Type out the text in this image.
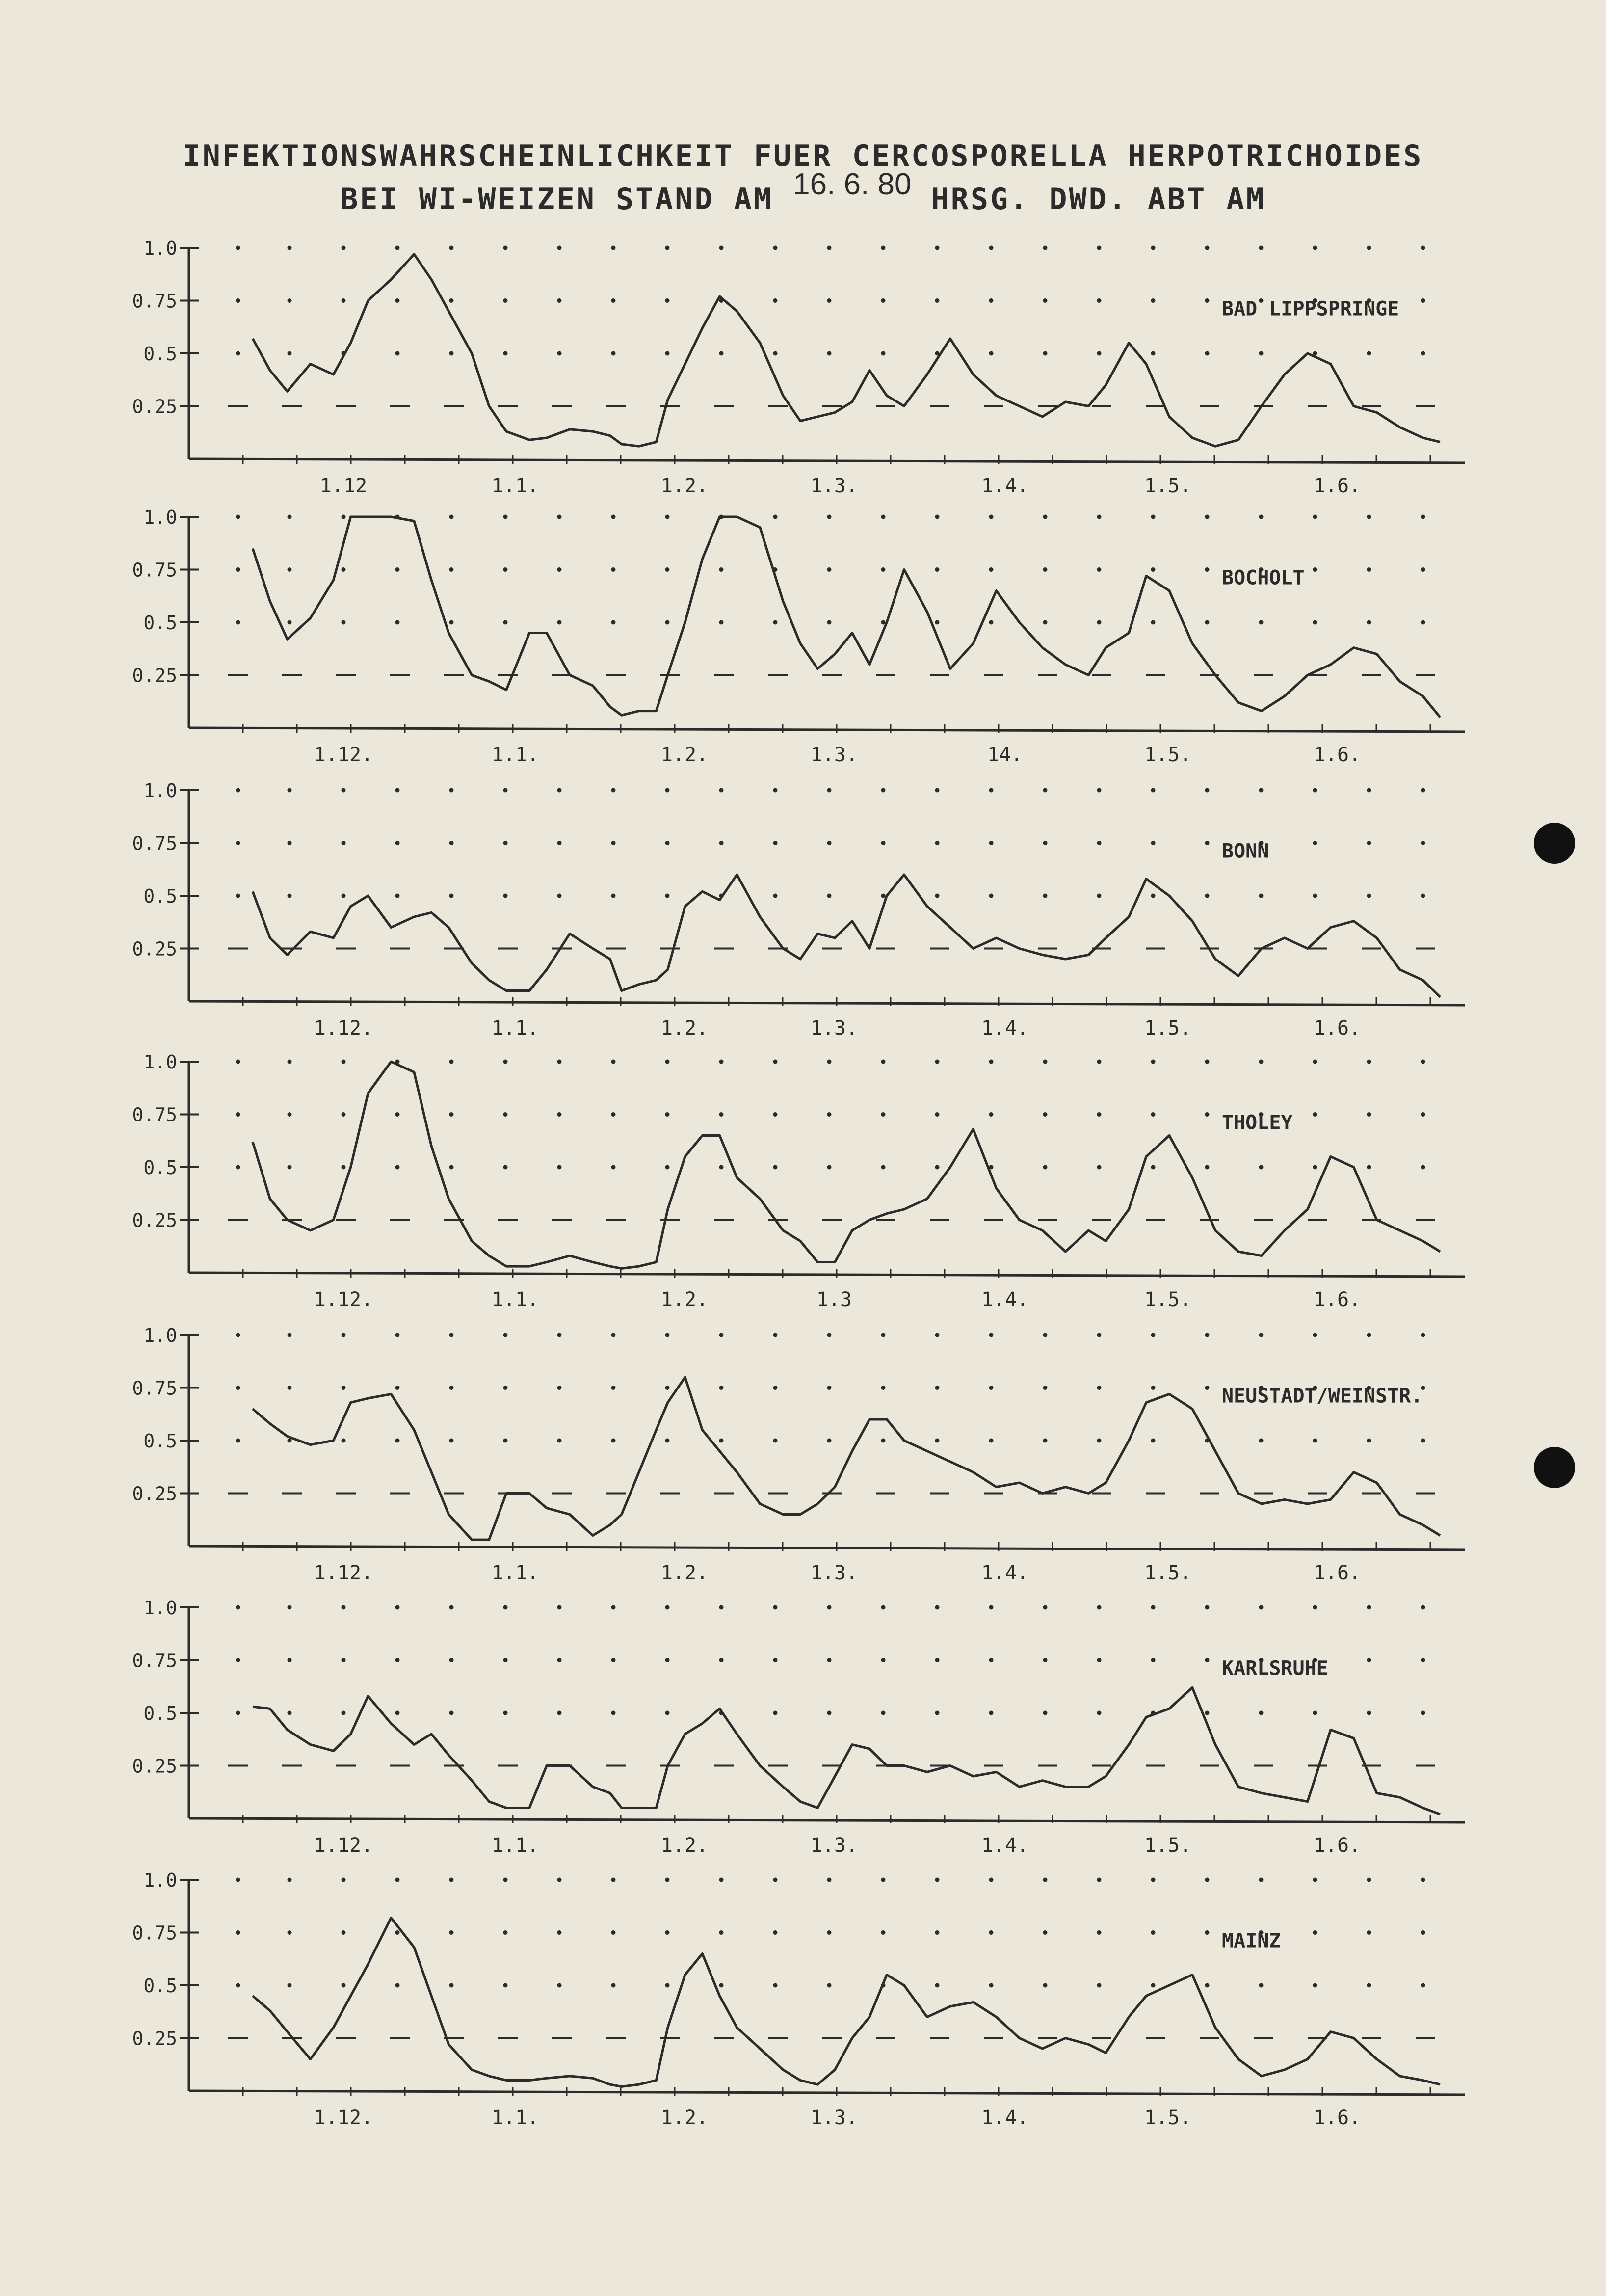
INFEKTIONSWAHRSCHEINLICHKEIT FUER CERCOSPORELLA HERPOTRICHOIDES
BEI WI-WEIZEN STAND AM 16. 6. 80 HRSG. DWD. ABT AM
1.0
0.75
0.5
0.25
1.12	1.1.	1.2.	1.3.	1.4.	1.5.	1.6.
BAD LIPPSPRINGE
1.0
0.75
0.5
0.25
1.12.	1.1.	1.2.	1.3.	14.	1.5.	1.6.
BOCHOLT
1.0
0.75
0.5
0.25
1.12.	1.1.	1.2.	1.3.	1.4.	1.5.	1.6.
BONN
1.0
0.75
0.5
0.25
1.12.	1.1.	1.2.	1.3	1.4.	1.5.	1.6.
THOLEY
1.0
0.75
0.5
0.25
1.12.	1.1.	1.2.	1.3.	1.4.	1.5.	1.6.
NEUSTADT/WEINSTR.
1.0
0.75
0.5
0.25
1.12.	1.1.	1.2.	1.3.	1.4.	1.5.	1.6.
KARLSRUHE
1.0
0.75
0.5
0.25
1.12.	1.1.	1.2.	1.3.	1.4.	1.5.	1.6.
MAINZ
